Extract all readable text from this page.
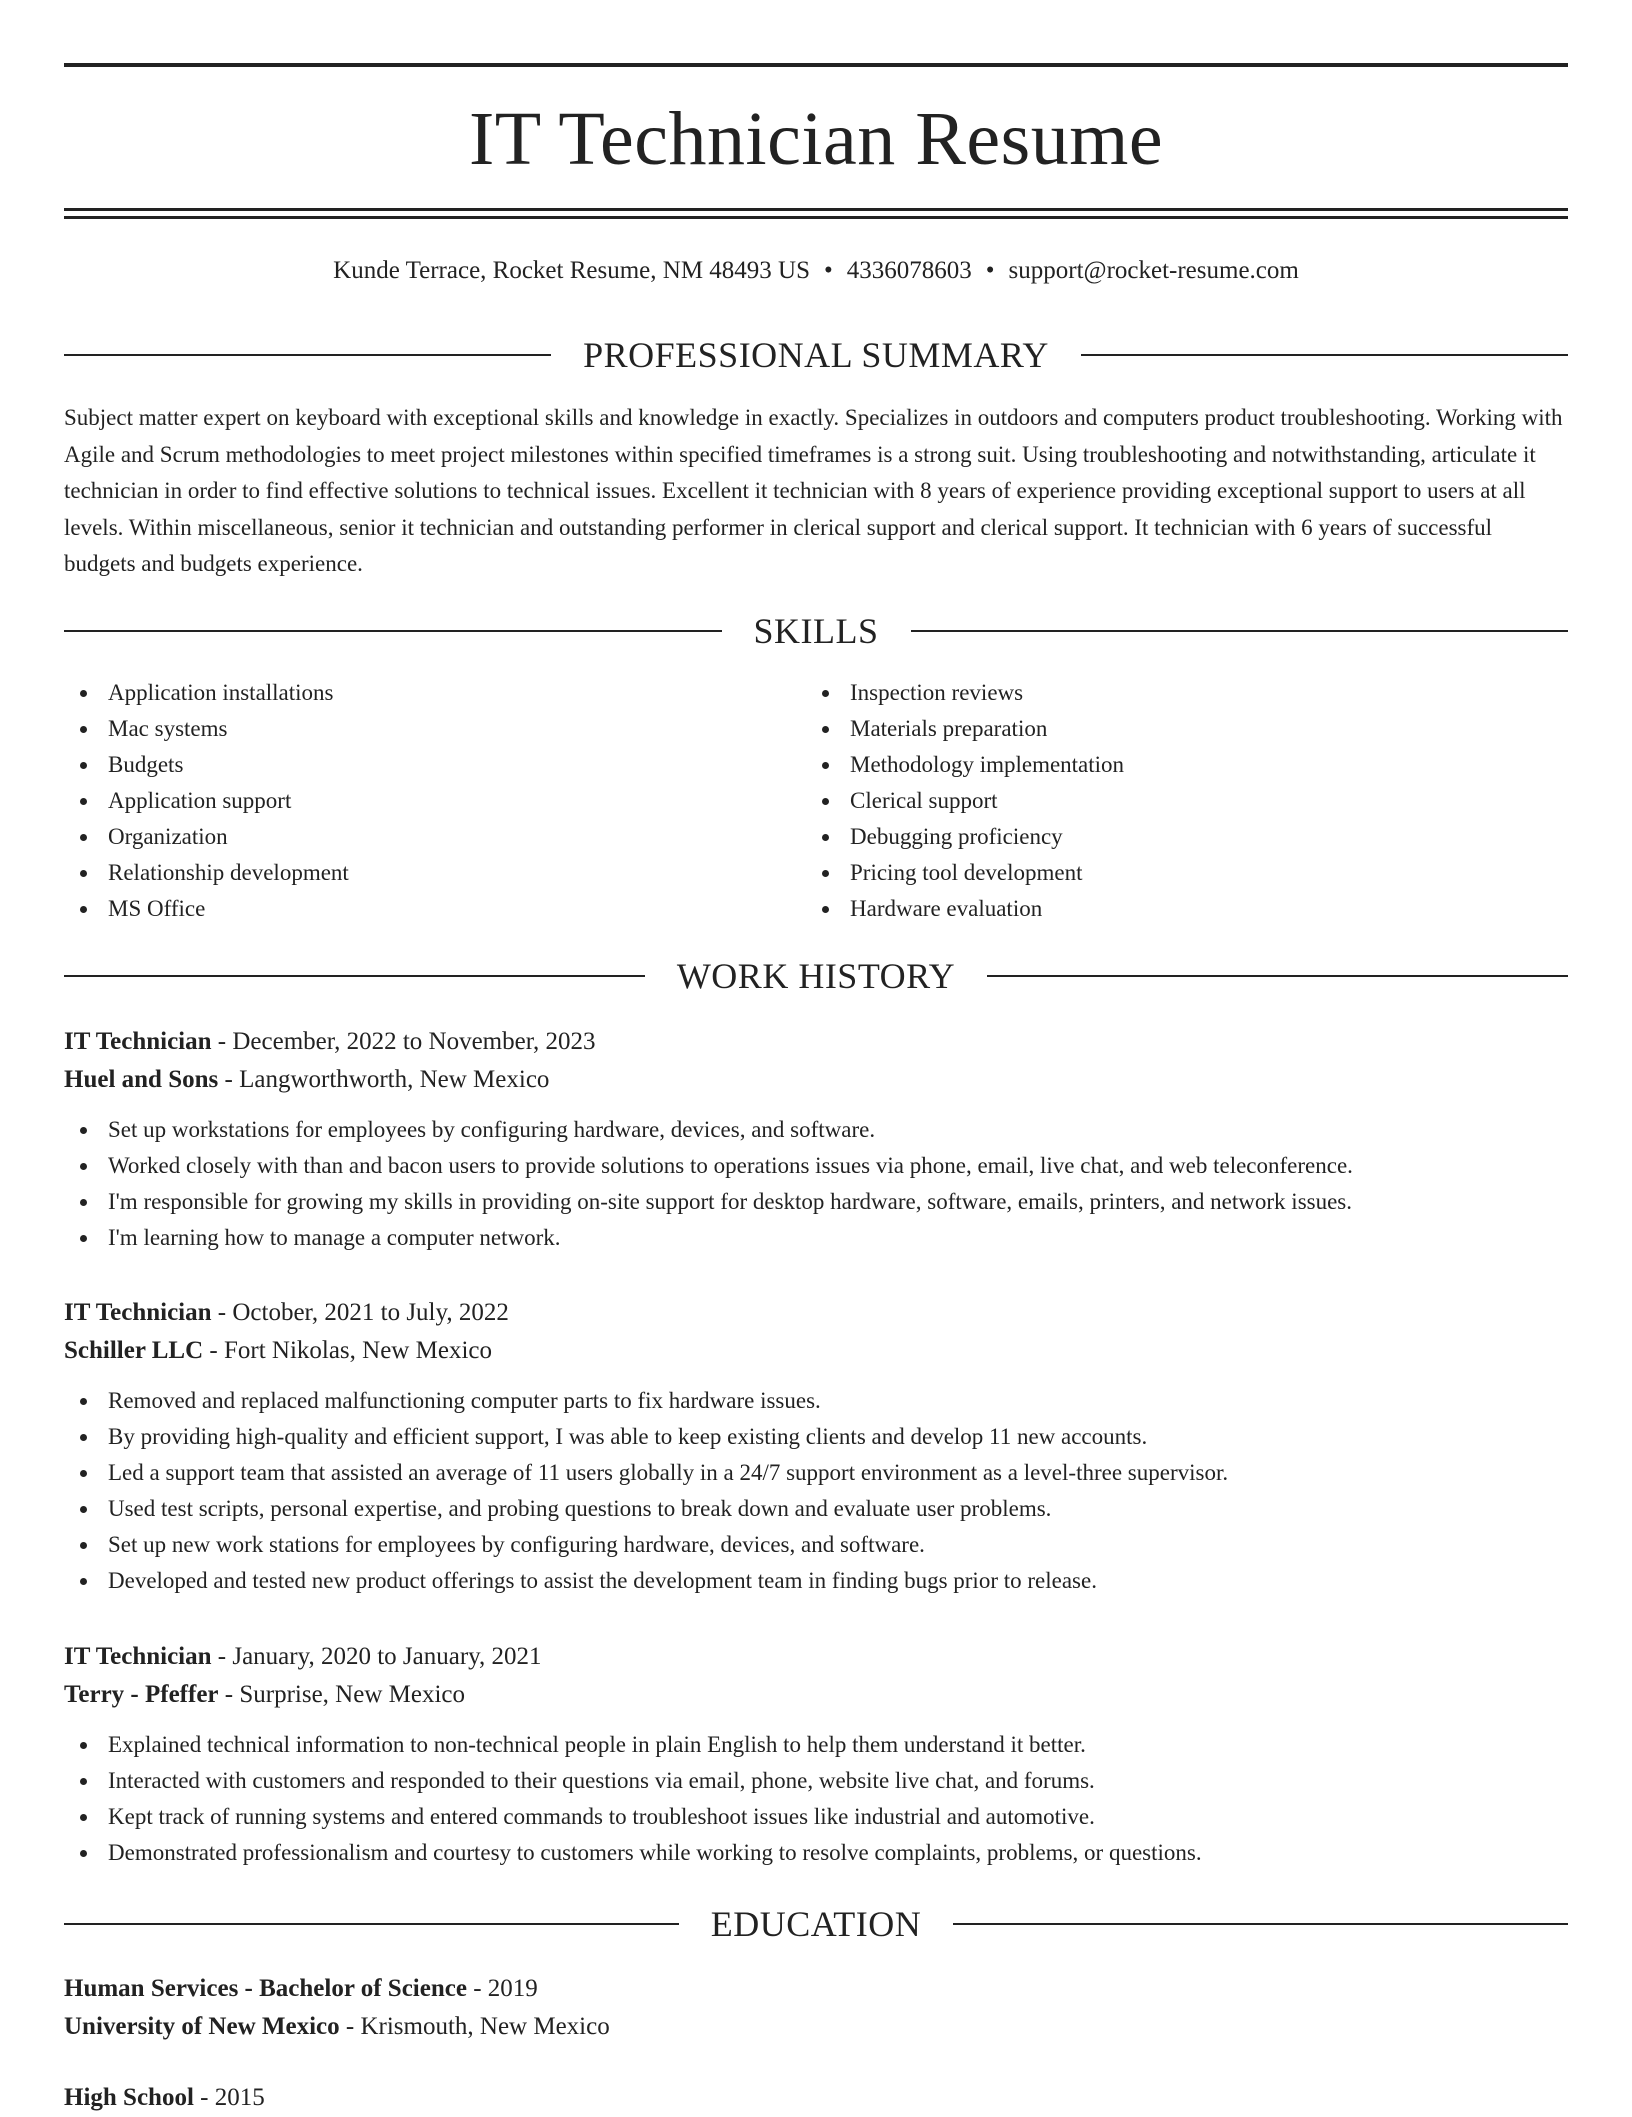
IT Technician Resume
Kunde Terrace, Rocket Resume, NM 48493 US • 4336078603 • support@rocket-resume.com
PROFESSIONAL SUMMARY

Subject matter expert on keyboard with exceptional skills and knowledge in exactly. Specializes in outdoors and computers product troubleshooting. Working with Agile and Scrum methodologies to meet project milestones within specified timeframes is a strong suit. Using troubleshooting and notwithstanding, articulate it technician in order to find effective solutions to technical issues. Excellent it technician with 8 years of experience providing exceptional support to users at all levels. Within miscellaneous, senior it technician and outstanding performer in clerical support and clerical support. It technician with 6 years of successful budgets and budgets experience.

SKILLS
Application installations
Mac systems
Budgets
Application support
Organization
Relationship development
MS Office
Inspection reviews
Materials preparation
Methodology implementation
Clerical support
Debugging proficiency
Pricing tool development
Hardware evaluation
WORK HISTORY
IT Technician - December, 2022 to November, 2023
Huel and Sons - Langworthworth, New Mexico
Set up workstations for employees by configuring hardware, devices, and software.
Worked closely with than and bacon users to provide solutions to operations issues via phone, email, live chat, and web teleconference.
I'm responsible for growing my skills in providing on-site support for desktop hardware, software, emails, printers, and network issues.
I'm learning how to manage a computer network.
IT Technician - October, 2021 to July, 2022
Schiller LLC - Fort Nikolas, New Mexico
Removed and replaced malfunctioning computer parts to fix hardware issues.
By providing high-quality and efficient support, I was able to keep existing clients and develop 11 new accounts.
Led a support team that assisted an average of 11 users globally in a 24/7 support environment as a level-three supervisor.
Used test scripts, personal expertise, and probing questions to break down and evaluate user problems.
Set up new work stations for employees by configuring hardware, devices, and software.
Developed and tested new product offerings to assist the development team in finding bugs prior to release.
IT Technician - January, 2020 to January, 2021
Terry - Pfeffer - Surprise, New Mexico
Explained technical information to non-technical people in plain English to help them understand it better.
Interacted with customers and responded to their questions via email, phone, website live chat, and forums.
Kept track of running systems and entered commands to troubleshoot issues like industrial and automotive.
Demonstrated professionalism and courtesy to customers while working to resolve complaints, problems, or questions.
EDUCATION
Human Services - Bachelor of Science - 2019
University of New Mexico - Krismouth, New Mexico
High School - 2015
